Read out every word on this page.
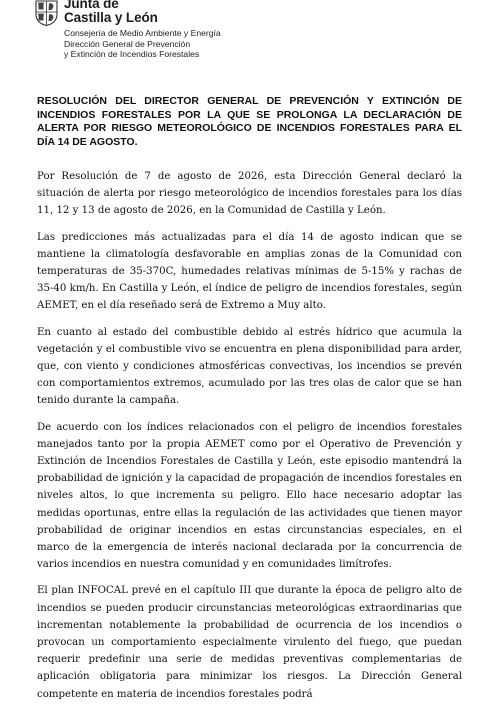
Junta de
Castilla y León
Consejería de Medio Ambiente y Energía
Dirección General de Prevención
y Extinción de Incendios Forestales
RESOLUCIÓN DEL DIRECTOR GENERAL DE PREVENCIÓN Y EXTINCIÓN DE INCENDIOS FORESTALES POR LA QUE SE PROLONGA LA DECLARACIÓN DE ALERTA POR RIESGO METEOROLÓGICO DE INCENDIOS FORESTALES PARA EL DÍA 14 DE AGOSTO.

Por Resolución de 7 de agosto de 2026, esta Dirección General declaró la situación de alerta por riesgo meteorológico de incendios forestales para los días 11, 12 y 13 de agosto de 2026, en la Comunidad de Castilla y León.

Las predicciones más actualizadas para el día 14 de agosto indican que se mantiene la climatología desfavorable en amplias zonas de la Comunidad con temperaturas de 35-370C, humedades relativas mínimas de 5-15% y rachas de 35-40 km/h. En Castilla y León, el índice de peligro de incendios forestales, según AEMET, en el día reseñado será de Extremo a Muy alto.

En cuanto al estado del combustible debido al estrés hídrico que acumula la vegetación y el combustible vivo se encuentra en plena disponibilidad para arder, que, con viento y condiciones atmosféricas convectivas, los incendios se prevén con comportamientos extremos, acumulado por las tres olas de calor que se han tenido durante la campaña.

De acuerdo con los índices relacionados con el peligro de incendios forestales manejados tanto por la propia AEMET como por el Operativo de Prevención y Extinción de Incendios Forestales de Castilla y León, este episodio mantendrá la probabilidad de ignición y la capacidad de propagación de incendios forestales en niveles altos, lo que incrementa su peligro. Ello hace necesario adoptar las medidas oportunas, entre ellas la regulación de las actividades que tienen mayor probabilidad de originar incendios en estas circunstancias especiales, en el marco de la emergencia de interés nacional declarada por la concurrencia de varios incendios en nuestra comunidad y en comunidades limítrofes.

El plan INFOCAL prevé en el capítulo III que durante la época de peligro alto de incendios se pueden producir circunstancias meteorológicas extraordinarias que incrementan notablemente la probabilidad de ocurrencia de los incendios o provocan un comportamiento especialmente virulento del fuego, que puedan requerir predefinir una serie de medidas preventivas complementarias de aplicación obligatoria para minimizar los riesgos. La Dirección General competente en materia de incendios forestales podrá
